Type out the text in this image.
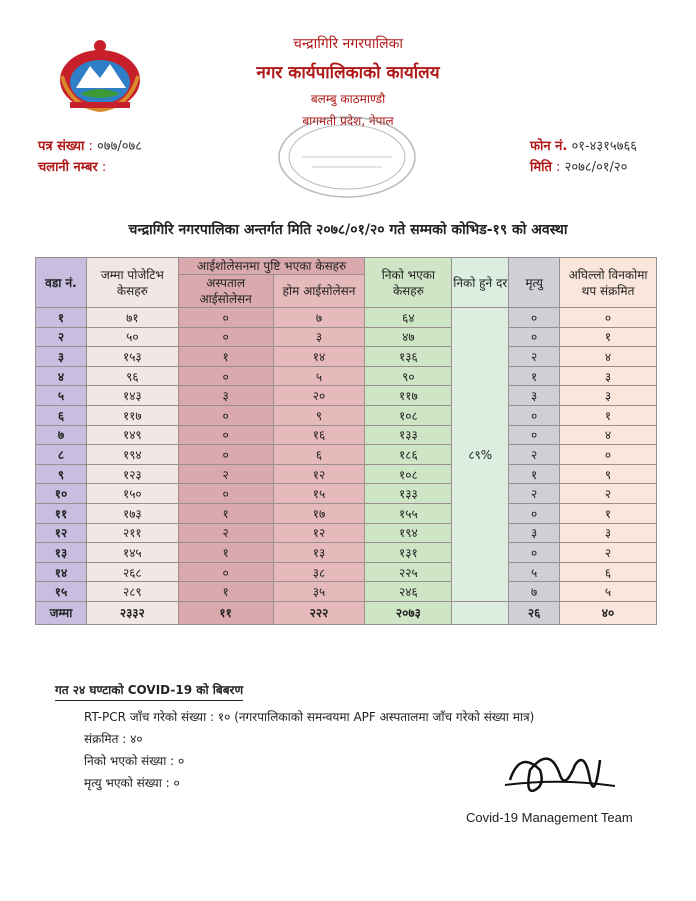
चन्द्रागिरि नगरपालिका
नगर कार्यपालिकाको कार्यालय
बलम्बु काठमाण्डौ
बागमती प्रदेश, नेपाल
पत्र संख्या : ०७७/०७८
चलानी नम्बर :
फोन नं. ०१-४३१५७६६
मिति : २०७८/०१/२०
चन्द्रागिरि नगरपालिका अन्तर्गत मिति २०७८/०१/२० गते सम्मको कोभिड-१९ को अवस्था
वडा नं.	जम्मा पोजेटिभ केसहरु	आईशोलेसनमा पुष्टि भएका केसहरु		निको भएका केसहरु	निको हुने दर	मृत्यु	अघिल्लो विनकोमा थप संक्रमित
		अस्पताल आईसोलेसन	होम आईसोलेसन				
१	७१	०	७	६४	८९%	०	०
२	५०	०	३	४७		०	१
३	१५३	१	१४	१३६		२	४
४	९६	०	५	९०		१	३
५	१४३	३	२०	११७		३	३
६	११७	०	९	१०८		०	१
७	१४९	०	१६	१३३		०	४
८	१९४	०	६	१८६		२	०
९	१२३	२	१२	१०८		१	९
१०	१५०	०	१५	१३३		२	२
११	१७३	१	१७	१५५		०	१
१२	२११	२	१२	१९४		३	३
१३	१४५	१	१३	१३१		०	२
१४	२६८	०	३८	२२५		५	६
१५	२८९	१	३५	२४६		७	५
जम्मा	२३३२	११	२२२	२०७३		२६	४०
गत २४ घण्टाको COVID-19 को बिबरण
RT-PCR जाँच गरेको संख्या : १० (नगरपालिकाको समन्वयमा APF अस्पतालमा जाँच गरेको संख्या मात्र)
संक्रमित : ४०
निको भएको संख्या : ०
मृत्यु भएको संख्या : ०
Covid-19 Management Team
